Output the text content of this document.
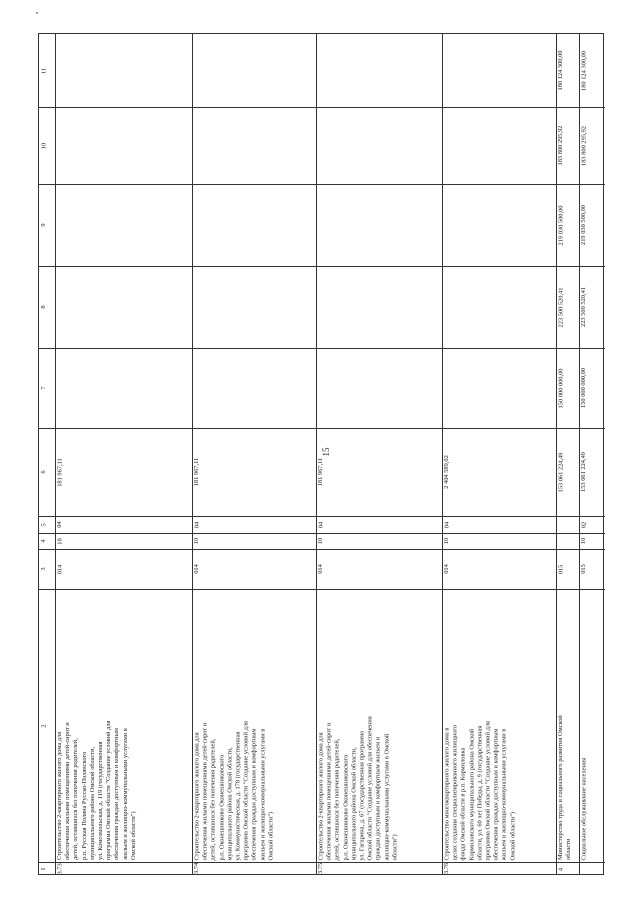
15
1
2
3
4
5
6
7
8
9
10
11
3.73
Строительство 2-квартирного жилого дома для
обеспечения жилыми помещениями детей-сирот и
детей, оставшихся без попечения родителей,
р.п. Русская Поляна Русско-Полянского
муниципального района Омской области,
ул. Комсомольская, д. 119 (государственная
программа Омской области "Создание условий для
обеспечения граждан доступным и комфортным
жильем и жилищно-коммунальными услугами в
Омской области")
014
10
04
181 967,11
3.74
Строительство 2-квартирного жилого дома для
обеспечения жилыми помещениями детей-сирот и
детей, оставшихся без попечения родителей,
р.п. Оконешниково Оконешниковского
муниципального района Омской области,
ул. Коммунистическая, д. 178 (государственная
программа Омской области "Создание условий для
обеспечения граждан доступным и комфортным
жильем и жилищно-коммунальными услугами в
Омской области")
014
10
04
181 967,11
3.75
Строительство 2-квартирного жилого дома для
обеспечения жилыми помещениями детей-сирот и
детей, оставшихся без попечения родителей,
р.п. Оконешниково Оконешниковского
муниципального района Омской области,
ул. Гагарина, д. 67 (государственная программа
Омской области "Создание условий для обеспечения
граждан доступным и комфортным жильем и
жилищно-коммунальными услугами в Омской
области")
014
10
04
181 967,11
3.76
Строительство многоквартирного жилого дома в
целях создания специализированного жилищного
фонда Омской области в р.п. Кормиловка
Кормиловского муниципального района Омской
области, ул. 60 лет Победы, д. 9 (государственная
программа Омской области "Создание условий для
обеспечения граждан доступным и комфортным
жильем и жилищно-коммунальными услугами в
Омской области")
014
10
04
2 404 589,02
4
Министерство труда и социального развития Омской
области
015
153 061 224,49
150 000 000,00
223 500 520,41
219 030 500,00
183 800 295,92
180 124 300,00
Социальное обслуживание населения
015
10
02
153 061 224,49
150 000 000,00
223 500 520,41
219 030 500,00
183 800 295,92
180 124 300,00
